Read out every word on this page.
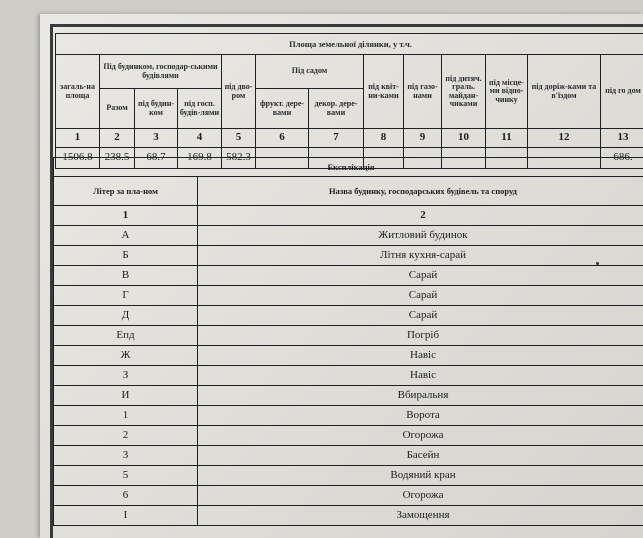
Площа земельної ділянки, у т.ч.												
загаль-на площа	Під будинком, господар-ськими будівлями			під дво-ром	Під садом		під квіт-ни-ками	під газо-нами	під дитяч. граль. майдан-чиками	під місце-ми відпо-чинку	під доріж-ками та в'їздом	під го дом
	Разом	під будин-ком	під госп. будів-лями		фрукт. дере-вами	декор. дере-вами						
1	2	3	4	5	6	7	8	9	10	11	12	13
1506.8	238.5	68.7	169.8	582.3	-	-	-	-	-	-	-	686.
Експлікація	
Літер за пла-ном	Назва будинку, господарських будівель та споруд
1	2
А	Житловий будинок
Б	Літня кухня-сарай
В	Сарай
Г	Сарай
Д	Сарай
Епд	Погріб
Ж	Навіс
З	Навіс
И	Вбиральня
1	Ворота
2	Огорожа
3	Басейн
5	Водяний кран
6	Огорожа
І	Замощення
